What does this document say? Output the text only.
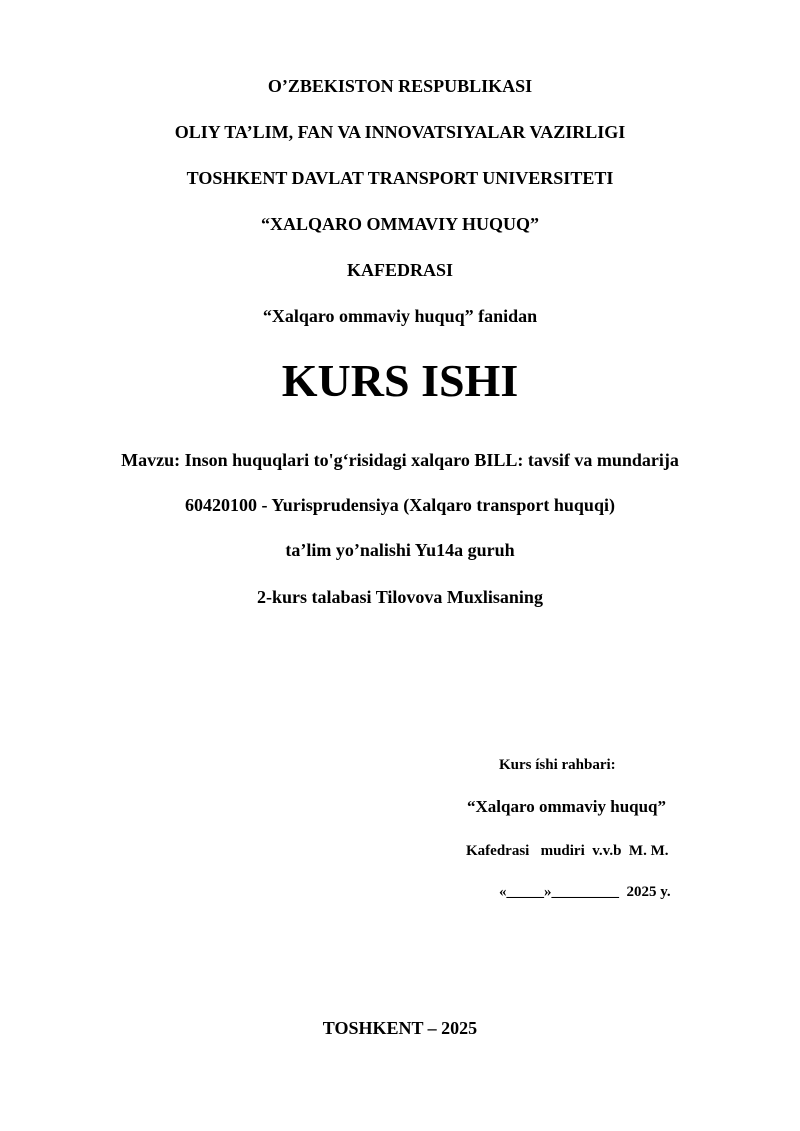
O’ZBEKISTON RESPUBLIKASI
OLIY TA’LIM, FAN VA INNOVATSIYALAR VAZIRLIGI
TOSHKENT DAVLAT TRANSPORT UNIVERSITETI
“XALQARO OMMAVIY HUQUQ”
KAFEDRASI
“Xalqaro ommaviy huquq” fanidan
KURS ISHI
Mavzu: Inson huquqlari to'g‘risidagi xalqaro BILL: tavsif va mundarija
60420100 - Yurisprudensiya (Xalqaro transport huquqi)
ta’lim yo’nalishi Yu14a guruh
2-kurs talabasi Tilovova Muxlisaning
Kurs íshi rahbari:
“Xalqaro ommaviy huquq”
Kafedrasi   mudiri  v.v.b  M. M.
«_____»_________  2025 y.
TOSHKENT – 2025
